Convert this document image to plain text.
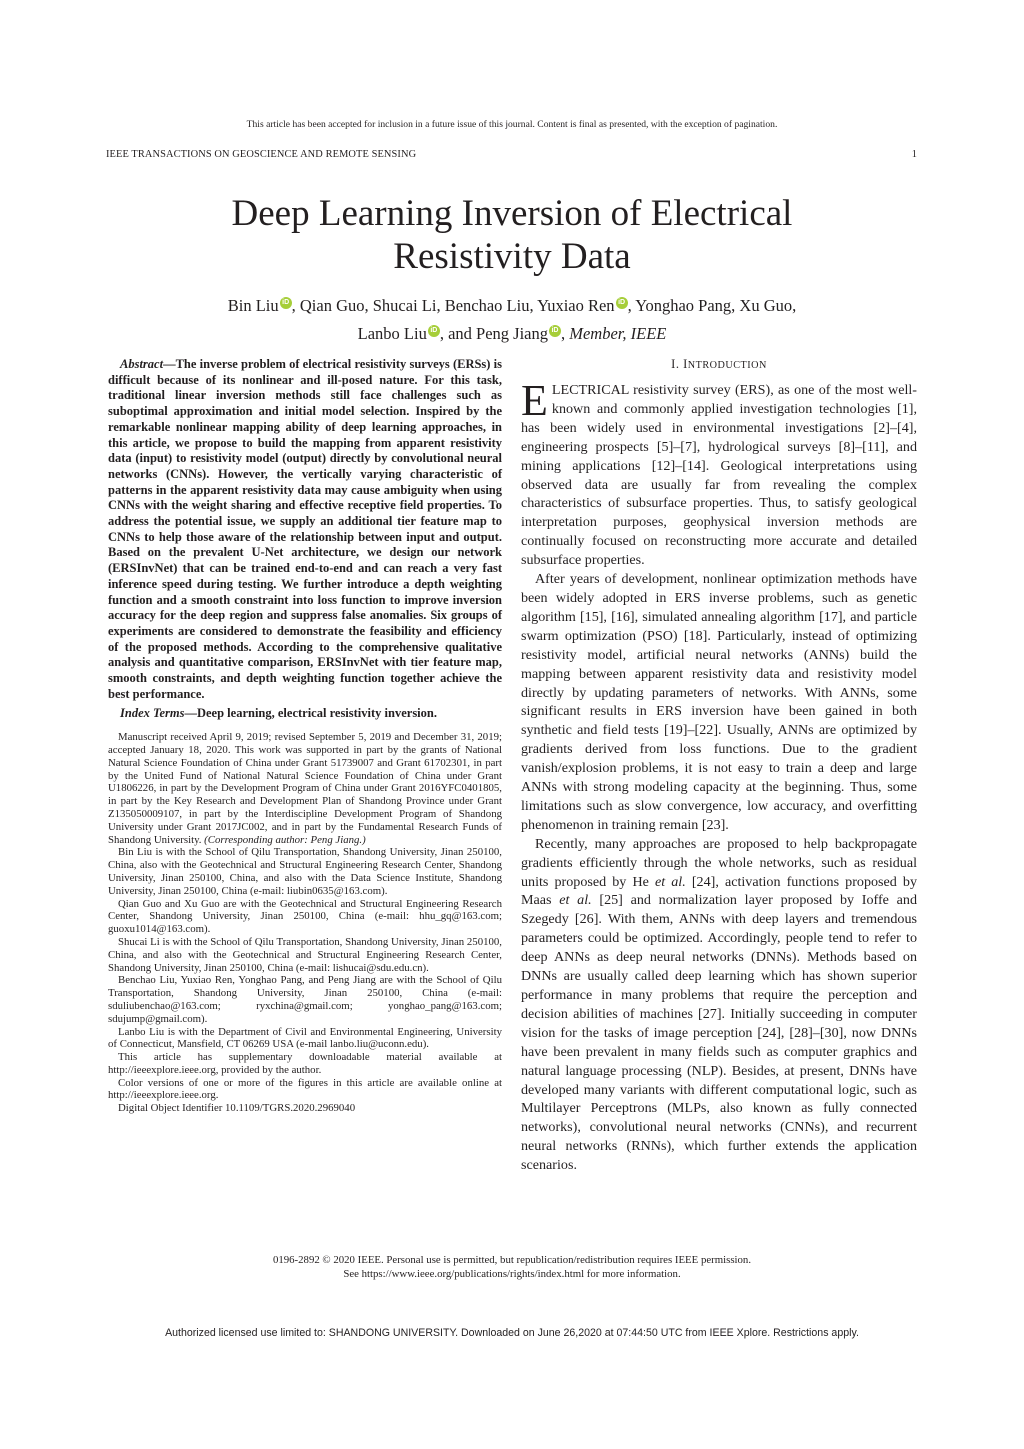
This article has been accepted for inclusion in a future issue of this journal. Content is final as presented, with the exception of pagination.
IEEE TRANSACTIONS ON GEOSCIENCE AND REMOTE SENSING	1
Deep Learning Inversion of Electrical
Resistivity Data
Bin Liu iD , Qian Guo, Shucai Li, Benchao Liu, Yuxiao Ren iD , Yonghao Pang, Xu Guo,
Lanbo Liu iD , and Peng Jiang iD , Member, IEEE

Abstract—The inverse problem of electrical resistivity surveys (ERSs) is difficult because of its nonlinear and ill-posed nature. For this task, traditional linear inversion methods still face challenges such as suboptimal approximation and initial model selection. Inspired by the remarkable nonlinear mapping ability of deep learning approaches, in this article, we propose to build the mapping from apparent resistivity data (input) to resistivity model (output) directly by convolutional neural networks (CNNs). However, the vertically varying characteristic of patterns in the apparent resistivity data may cause ambiguity when using CNNs with the weight sharing and effective receptive field properties. To address the potential issue, we supply an additional tier feature map to CNNs to help those aware of the relationship between input and output. Based on the prevalent U-Net architecture, we design our network (ERSInvNet) that can be trained end-to-end and can reach a very fast inference speed during testing. We further introduce a depth weighting function and a smooth constraint into loss function to improve inversion accuracy for the deep region and suppress false anomalies. Six groups of experiments are considered to demonstrate the feasibility and efficiency of the proposed methods. According to the comprehensive qualitative analysis and quantitative comparison, ERSInvNet with tier feature map, smooth constraints, and depth weighting function together achieve the best performance.

Index Terms—Deep learning, electrical resistivity inversion.

Manuscript received April 9, 2019; revised September 5, 2019 and December 31, 2019; accepted January 18, 2020. This work was supported in part by the grants of National Natural Science Foundation of China under Grant 51739007 and Grant 61702301, in part by the United Fund of National Natural Science Foundation of China under Grant U1806226, in part by the Development Program of China under Grant 2016YFC0401805, in part by the Key Research and Development Plan of Shandong Province under Grant Z135050009107, in part by the Interdiscipline Development Program of Shandong University under Grant 2017JC002, and in part by the Fundamental Research Funds of Shandong University. (Corresponding author: Peng Jiang.)

Bin Liu is with the School of Qilu Transportation, Shandong University, Jinan 250100, China, also with the Geotechnical and Structural Engineering Research Center, Shandong University, Jinan 250100, China, and also with the Data Science Institute, Shandong University, Jinan 250100, China (e-mail: liubin0635@163.com).

Qian Guo and Xu Guo are with the Geotechnical and Structural Engineering Research Center, Shandong University, Jinan 250100, China (e-mail: hhu_gq@163.com; guoxu1014@163.com).

Shucai Li is with the School of Qilu Transportation, Shandong University, Jinan 250100, China, and also with the Geotechnical and Structural Engineering Research Center, Shandong University, Jinan 250100, China (e-mail: lishucai@sdu.edu.cn).

Benchao Liu, Yuxiao Ren, Yonghao Pang, and Peng Jiang are with the School of Qilu Transportation, Shandong University, Jinan 250100, China (e-mail: sduliubenchao@163.com; ryxchina@gmail.com; yonghao_pang@163.com; sdujump@gmail.com).

Lanbo Liu is with the Department of Civil and Environmental Engineering, University of Connecticut, Mansfield, CT 06269 USA (e-mail lanbo.liu@uconn.edu).

This article has supplementary downloadable material available at http://ieeexplore.ieee.org, provided by the author.

Color versions of one or more of the figures in this article are available online at http://ieeexplore.ieee.org.

Digital Object Identifier 10.1109/TGRS.2020.2969040

I. INTRODUCTION

ELECTRICAL resistivity survey (ERS), as one of the most well-known and commonly applied investigation technologies [1], has been widely used in environmental investigations [2]–[4], engineering prospects [5]–[7], hydrological surveys [8]–[11], and mining applications [12]–[14]. Geological interpretations using observed data are usually far from revealing the complex characteristics of subsurface properties. Thus, to satisfy geological interpretation purposes, geophysical inversion methods are continually focused on reconstructing more accurate and detailed subsurface properties.

After years of development, nonlinear optimization methods have been widely adopted in ERS inverse problems, such as genetic algorithm [15], [16], simulated annealing algorithm [17], and particle swarm optimization (PSO) [18]. Particularly, instead of optimizing resistivity model, artificial neural networks (ANNs) build the mapping between apparent resistivity data and resistivity model directly by updating parameters of networks. With ANNs, some significant results in ERS inversion have been gained in both synthetic and field tests [19]–[22]. Usually, ANNs are optimized by gradients derived from loss functions. Due to the gradient vanish/explosion problems, it is not easy to train a deep and large ANNs with strong modeling capacity at the beginning. Thus, some limitations such as slow convergence, low accuracy, and overfitting phenomenon in training remain [23].

Recently, many approaches are proposed to help backpropagate gradients efficiently through the whole networks, such as residual units proposed by He et al. [24], activation functions proposed by Maas et al. [25] and normalization layer proposed by Ioffe and Szegedy [26]. With them, ANNs with deep layers and tremendous parameters could be optimized. Accordingly, people tend to refer to deep ANNs as deep neural networks (DNNs). Methods based on DNNs are usually called deep learning which has shown superior performance in many problems that require the perception and decision abilities of machines [27]. Initially succeeding in computer vision for the tasks of image perception [24], [28]–[30], now DNNs have been prevalent in many fields such as computer graphics and natural language processing (NLP). Besides, at present, DNNs have developed many variants with different computational logic, such as Multilayer Perceptrons (MLPs, also known as fully connected networks), convolutional neural networks (CNNs), and recurrent neural networks (RNNs), which further extends the application scenarios.

0196-2892 © 2020 IEEE. Personal use is permitted, but republication/redistribution requires IEEE permission.
See https://www.ieee.org/publications/rights/index.html for more information.
Authorized licensed use limited to: SHANDONG UNIVERSITY. Downloaded on June 26,2020 at 07:44:50 UTC from IEEE Xplore. Restrictions apply.
